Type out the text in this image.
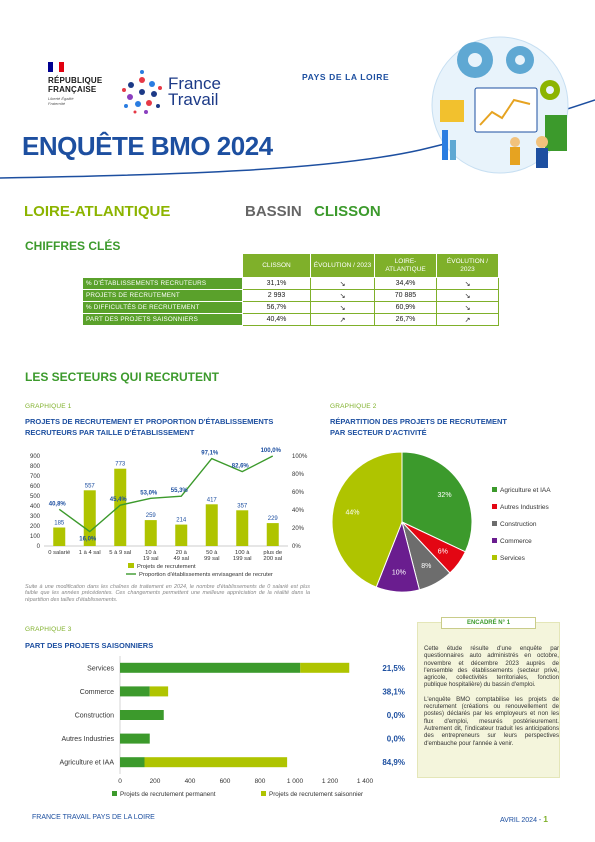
RÉPUBLIQUE
FRANÇAISE
Liberté Égalité Fraternité
France
Travail
PAYS DE LA LOIRE
ENQUÊTE BMO 2024
LOIRE-ATLANTIQUE	BASSIN CLISSON
CHIFFRES CLÉS
	CLISSON	ÉVOLUTION / 2023	LOIRE-ATLANTIQUE	ÉVOLUTION / 2023
% D'ÉTABLISSEMENTS RECRUTEURS	31,1%	↘	34,4%	↘
PROJETS DE RECRUTEMENT	2 993	↘	70 885	↘
% DIFFICULTÉS DE RECRUTEMENT	56,7%	↘	60,9%	↘
PART DES PROJETS SAISONNIERS	40,4%	↗	26,7%	↗
LES SECTEURS QUI RECRUTENT
GRAPHIQUE 1
PROJETS DE RECRUTEMENT ET PROPORTION D'ÉTABLISSEMENTS
RECRUTEURS PAR TAILLE D'ÉTABLISSEMENT
GRAPHIQUE 2
RÉPARTITION DES PROJETS DE RECRUTEMENT
PAR SECTEUR D'ACTIVITÉ
0
100
200
300
400
500
600
700
800
900
0%
20%
40%
60%
80%
100%
185
0 salarié
557
1 à 4 sal
773
5 à 9 sal
259
10 à
19 sal
214
20 à
49 sal
417
50 à
99 sal
357
100 à
199 sal
229
plus de
200 sal
40,8%
16,0%
45,4%
53,0% 55,3%
97,1%
82,6%
100,0%
Projets de recrutement
Proportion d'établissements envisageant de recruter
32%
6%
8%
10%
44%
Agriculture et IAA
Autres Industries
Construction
Commerce
Services
Suite à une modification dans les chaînes de traitement en 2024, le nombre d'établissements de 0 salarié est plus faible que les années précédentes. Ces changements permettent une meilleure appréciation de la réalité dans la répartition des tailles d'établissements.
GRAPHIQUE 3
PART DES PROJETS SAISONNIERS
0	200	400	600	800	1 000	1 200	1 400
Services	21,5%
Commerce	38,1%
Construction	0,0%
Autres Industries	0,0%
Agriculture et IAA	84,9%
Projets de recrutement permanent	Projets de recrutement saisonnier
ENCADRÉ N° 1

Cette étude résulte d'une enquête par questionnaires auto administrés en octobre, novembre et décembre 2023 auprès de l'ensemble des établissements (secteur privé, agricole, collectivités territoriales, fonction publique hospitalière) du bassin d'emploi.

L'enquête BMO comptabilise les projets de recrutement (créations ou renouvellement de postes) déclarés par les employeurs et non les flux d'emploi, mesurés postérieurement. Autrement dit, l'indicateur traduit les anticipations des entrepreneurs sur leurs perspectives d'embauche pour l'année à venir.

FRANCE TRAVAIL PAYS DE LA LOIRE	AVRIL 2024 - 1
